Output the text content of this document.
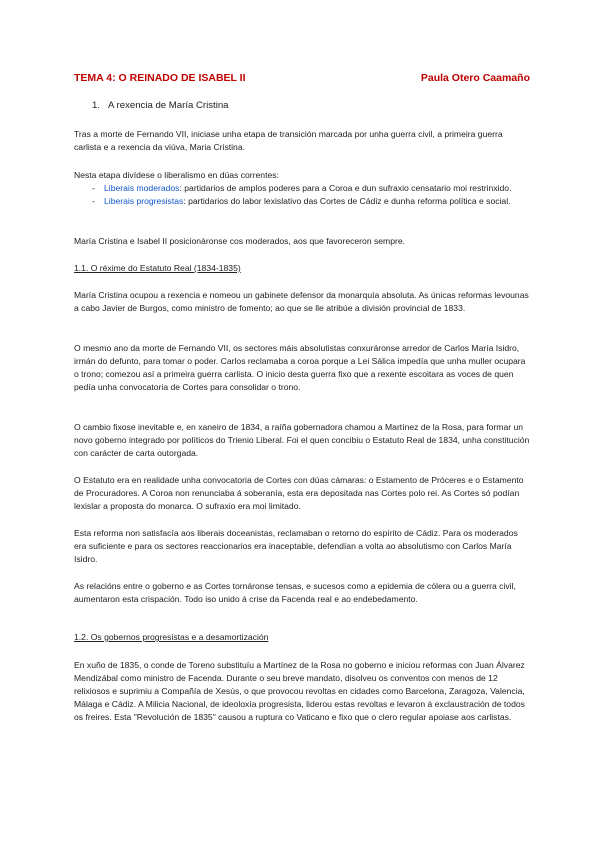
TEMA 4: O REINADO DE ISABEL II	Paula Otero Caamaño
1. A rexencia de María Cristina

Tras a morte de Fernando VII, iniciase unha etapa de transición marcada por unha guerra civil, a primeira guerra carlista e a rexencia da viúva, Maria Cristina.

Nesta etapa divídese o liberalismo en dúas correntes:

- Liberais moderados: partidarios de amplos poderes para a Coroa e dun sufraxio censatario moi restrinxido.
- Liberais progresistas: partidarios do labor lexislativo das Cortes de Cádiz e dunha reforma política e social.

María Cristina e Isabel II posicionáronse cos moderados, aos que favoreceron sempre.

1.1. O réxime do Estatuto Real (1834-1835)

María Cristina ocupou a rexencia e nomeou un gabinete defensor da monarquía absoluta. As únicas reformas levounas a cabo Javier de Burgos, como ministro de fomento; ao que se lle atribúe a división provincial de 1833.

O mesmo ano da morte de Fernando VII, os sectores máis absolutistas conxuráronse arredor de Carlos María Isidro, irmán do defunto, para tomar o poder. Carlos reclamaba a coroa porque a Lei Sálica impedía que unha muller ocupara o trono; comezou así a primeira guerra carlista. O inicio desta guerra fixo que a rexente escoitara as voces de quen pedía unha convocatoria de Cortes para consolidar o trono.

O cambio fixose inevitable e, en xaneiro de 1834, a raíña gobernadora chamou a Martínez de la Rosa, para formar un novo goberno integrado por políticos do Trienio Liberal. Foi el quen concibiu o Estatuto Real de 1834, unha constitución con carácter de carta outorgada.

O Estatuto era en realidade unha convocatoria de Cortes con dúas cámaras: o Estamento de Próceres e o Estamento de Procuradores. A Coroa non renunciaba á soberanía, esta era depositada nas Cortes polo rei. As Cortes só podían lexislar a proposta do monarca. O sufraxio era moi limitado.

Esta reforma non satisfacía aos liberais doceanistas, reclamaban o retorno do espírito de Cádiz. Para os moderados era suficiente e para os sectores reaccionarios era inaceptable, defendían a volta ao absolutismo con Carlos María Isidro.

As relacións entre o goberno e as Cortes tornáronse tensas, e sucesos como a epidemia de cólera ou a guerra civil, aumentaron esta crispación. Todo iso unido á crise da Facenda real e ao endebedamento.

1.2. Os gobernos progresistas e a desamortización

En xuño de 1835, o conde de Toreno substituíu a Martínez de la Rosa no goberno e iniciou reformas con Juan Álvarez Mendizábal como ministro de Facenda. Durante o seu breve mandato, disolveu os conventos con menos de 12 relixiosos e suprimiu a Compañía de Xesús, o que provocou revoltas en cidades como Barcelona, Zaragoza, Valencia, Málaga e Cádiz. A Milicia Nacional, de ideoloxía progresista, liderou estas revoltas e levaron á exclaustración de todos os freires. Esta "Revolución de 1835" causou a ruptura co Vaticano e fixo que o clero regular apoiase aos carlistas.
